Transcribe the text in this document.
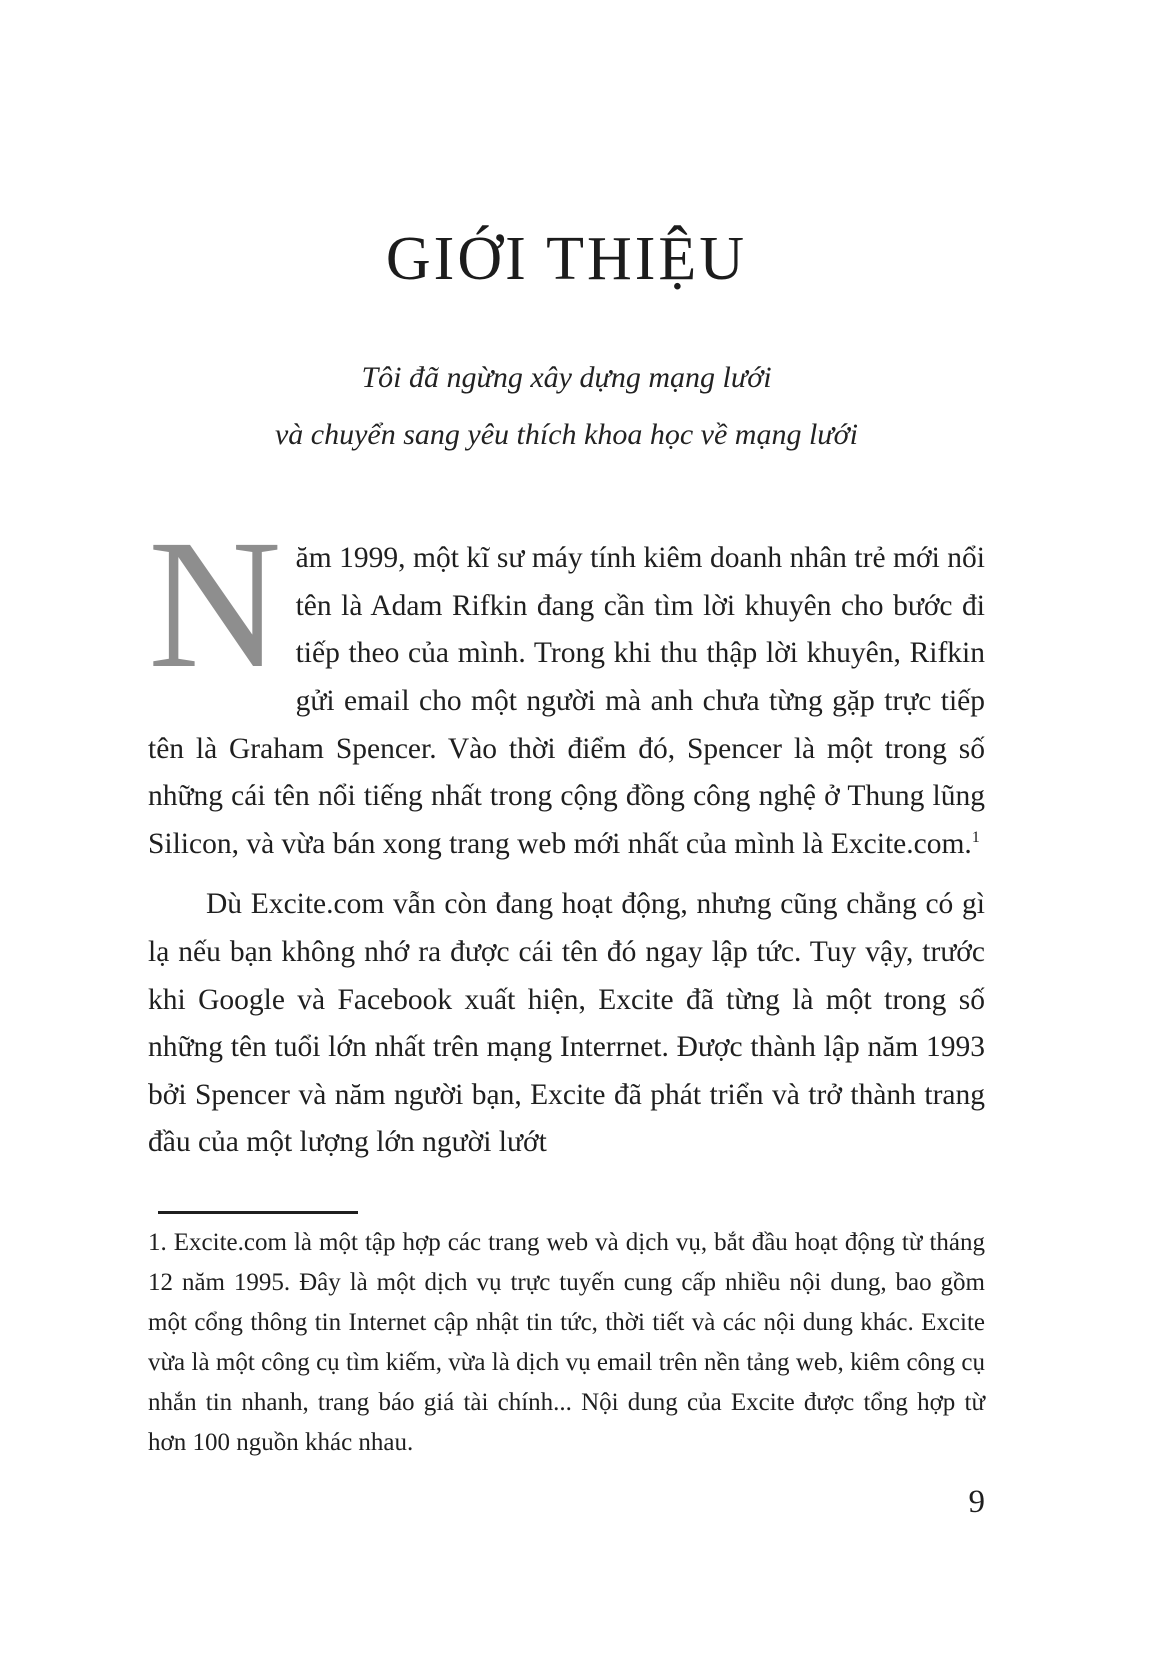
GIỚI THIỆU
Tôi đã ngừng xây dựng mạng lưới
và chuyển sang yêu thích khoa học về mạng lưới

Năm 1999, một kĩ sư máy tính kiêm doanh nhân trẻ mới nổi tên là Adam Rifkin đang cần tìm lời khuyên cho bước đi tiếp theo của mình. Trong khi thu thập lời khuyên, Rifkin gửi email cho một người mà anh chưa từng gặp trực tiếp tên là Graham Spencer. Vào thời điểm đó, Spencer là một trong số những cái tên nổi tiếng nhất trong cộng đồng công nghệ ở Thung lũng Silicon, và vừa bán xong trang web mới nhất của mình là Excite.com.$^1$

Dù Excite.com vẫn còn đang hoạt động, nhưng cũng chẳng có gì lạ nếu bạn không nhớ ra được cái tên đó ngay lập tức. Tuy vậy, trước khi Google và Facebook xuất hiện, Excite đã từng là một trong số những tên tuổi lớn nhất trên mạng Interrnet. Được thành lập năm 1993 bởi Spencer và năm người bạn, Excite đã phát triển và trở thành trang đầu của một lượng lớn người lướt

1. Excite.com là một tập hợp các trang web và dịch vụ, bắt đầu hoạt động từ tháng 12 năm 1995. Đây là một dịch vụ trực tuyến cung cấp nhiều nội dung, bao gồm một cổng thông tin Internet cập nhật tin tức, thời tiết và các nội dung khác. Excite vừa là một công cụ tìm kiếm, vừa là dịch vụ email trên nền tảng web, kiêm công cụ nhắn tin nhanh, trang báo giá tài chính... Nội dung của Excite được tổng hợp từ hơn 100 nguồn khác nhau.

9
